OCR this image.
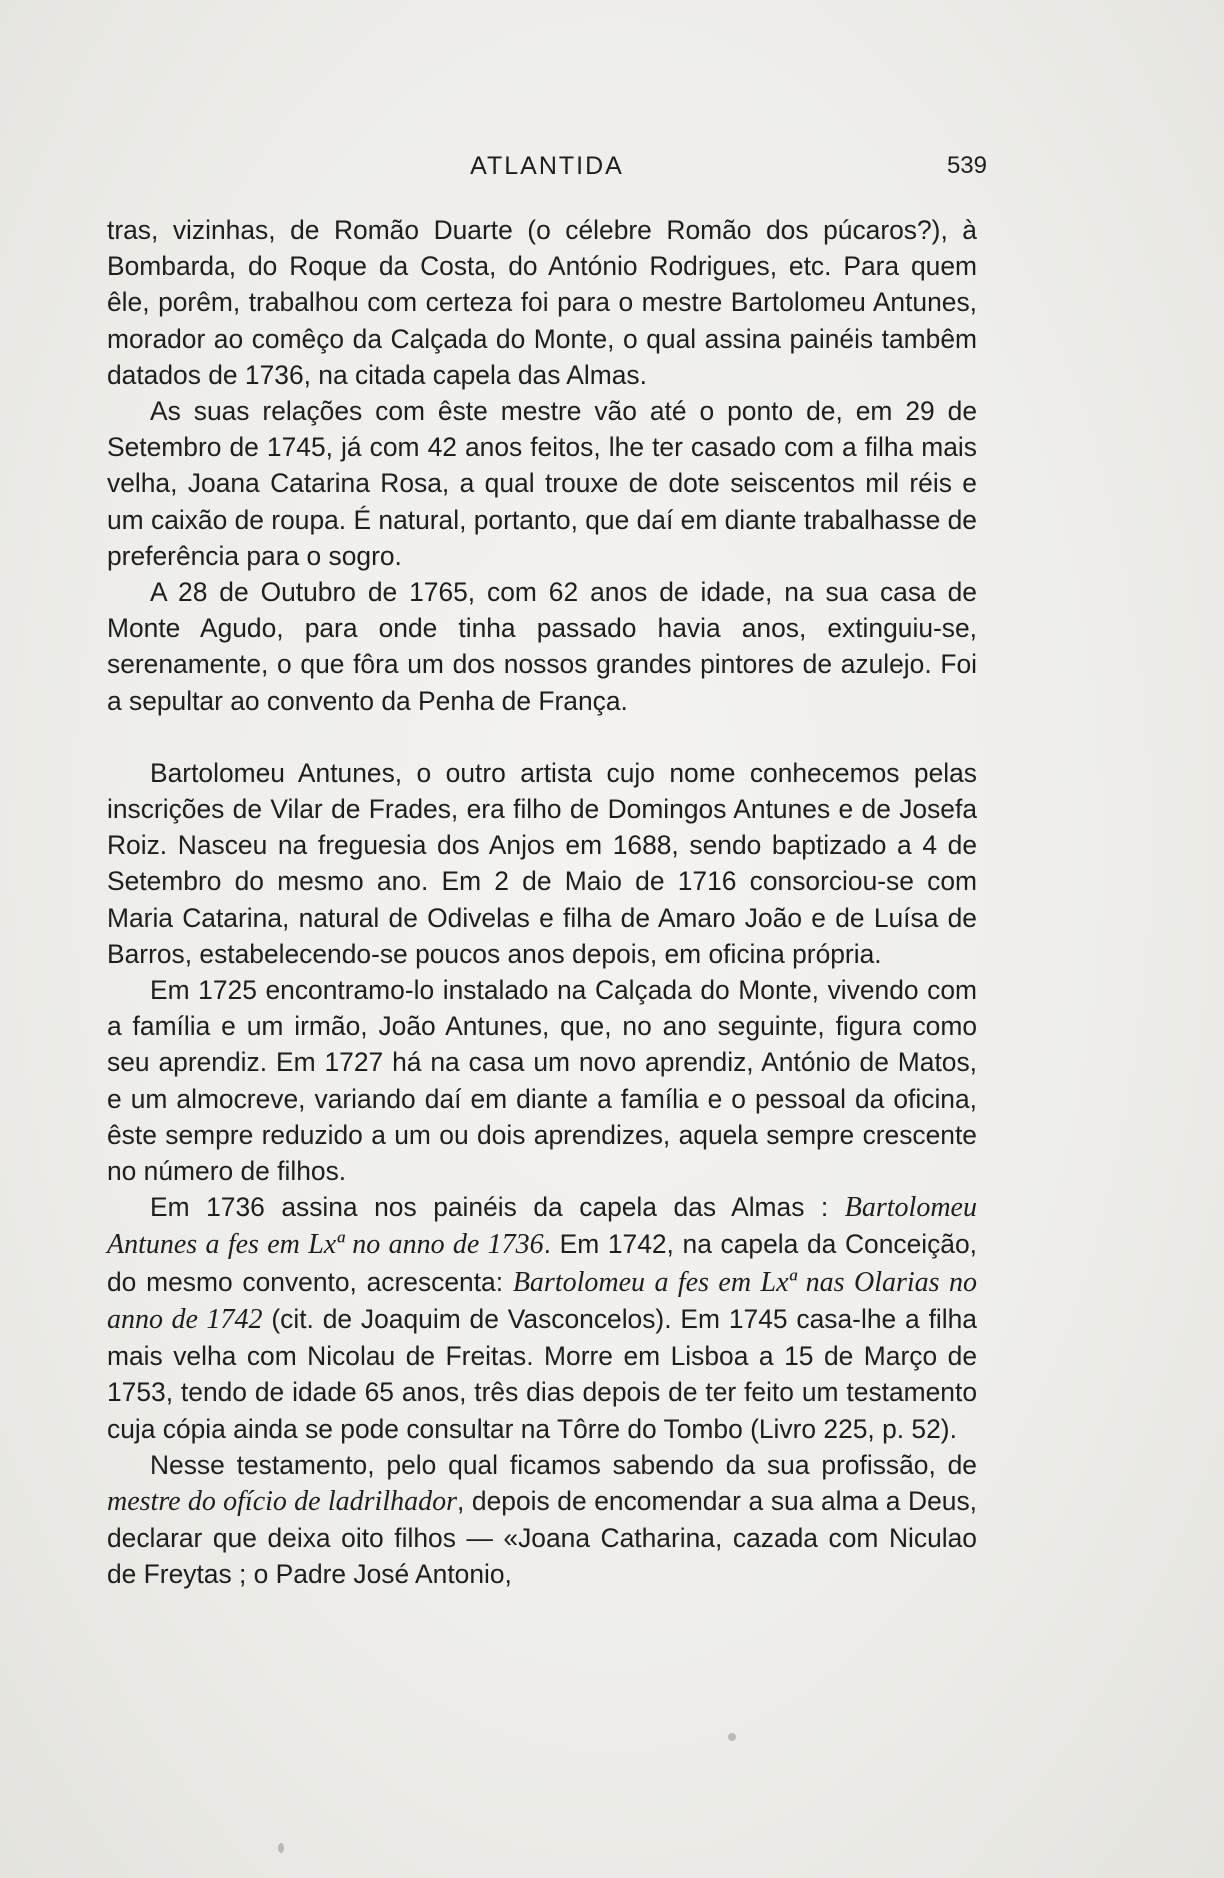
ATLANTIDA	539

tras, vizinhas, de Romão Duarte (o célebre Romão dos púcaros?), à Bombarda, do Roque da Costa, do António Rodrigues, etc. Para quem êle, porêm, trabalhou com certeza foi para o mestre Bartolomeu Antunes, morador ao comêço da Calçada do Monte, o qual assina painéis tambêm datados de 1736, na citada capela das Almas.

As suas relações com êste mestre vão até o ponto de, em 29 de Setembro de 1745, já com 42 anos feitos, lhe ter casado com a filha mais velha, Joana Catarina Rosa, a qual trouxe de dote seiscentos mil réis e um caixão de roupa. É natural, portanto, que daí em diante trabalhasse de preferência para o sogro.

A 28 de Outubro de 1765, com 62 anos de idade, na sua casa de Monte Agudo, para onde tinha passado havia anos, extinguiu-se, serenamente, o que fôra um dos nossos grandes pintores de azulejo. Foi a sepultar ao convento da Penha de França.

Bartolomeu Antunes, o outro artista cujo nome conhecemos pelas inscrições de Vilar de Frades, era filho de Domingos Antunes e de Josefa Roiz. Nasceu na freguesia dos Anjos em 1688, sendo baptizado a 4 de Setembro do mesmo ano. Em 2 de Maio de 1716 consorciou-se com Maria Catarina, natural de Odivelas e filha de Amaro João e de Luísa de Barros, estabelecendo-se poucos anos depois, em oficina própria.

Em 1725 encontramo-lo instalado na Calçada do Monte, vivendo com a família e um irmão, João Antunes, que, no ano seguinte, figura como seu aprendiz. Em 1727 há na casa um novo aprendiz, António de Matos, e um almocreve, variando daí em diante a família e o pessoal da oficina, êste sempre reduzido a um ou dois aprendizes, aquela sempre crescente no número de filhos.

Em 1736 assina nos painéis da capela das Almas : Bartolomeu Antunes a fes em Lxª no anno de 1736. Em 1742, na capela da Conceição, do mesmo convento, acrescenta: Bartolomeu a fes em Lxª nas Olarias no anno de 1742 (cit. de Joaquim de Vasconcelos). Em 1745 casa-lhe a filha mais velha com Nicolau de Freitas. Morre em Lisboa a 15 de Março de 1753, tendo de idade 65 anos, três dias depois de ter feito um testamento cuja cópia ainda se pode consultar na Tôrre do Tombo (Livro 225, p. 52).

Nesse testamento, pelo qual ficamos sabendo da sua profissão, de mestre do ofício de ladrilhador, depois de encomendar a sua alma a Deus, declarar que deixa oito filhos — «Joana Catharina, cazada com Niculao de Freytas ; o Padre José Antonio,
